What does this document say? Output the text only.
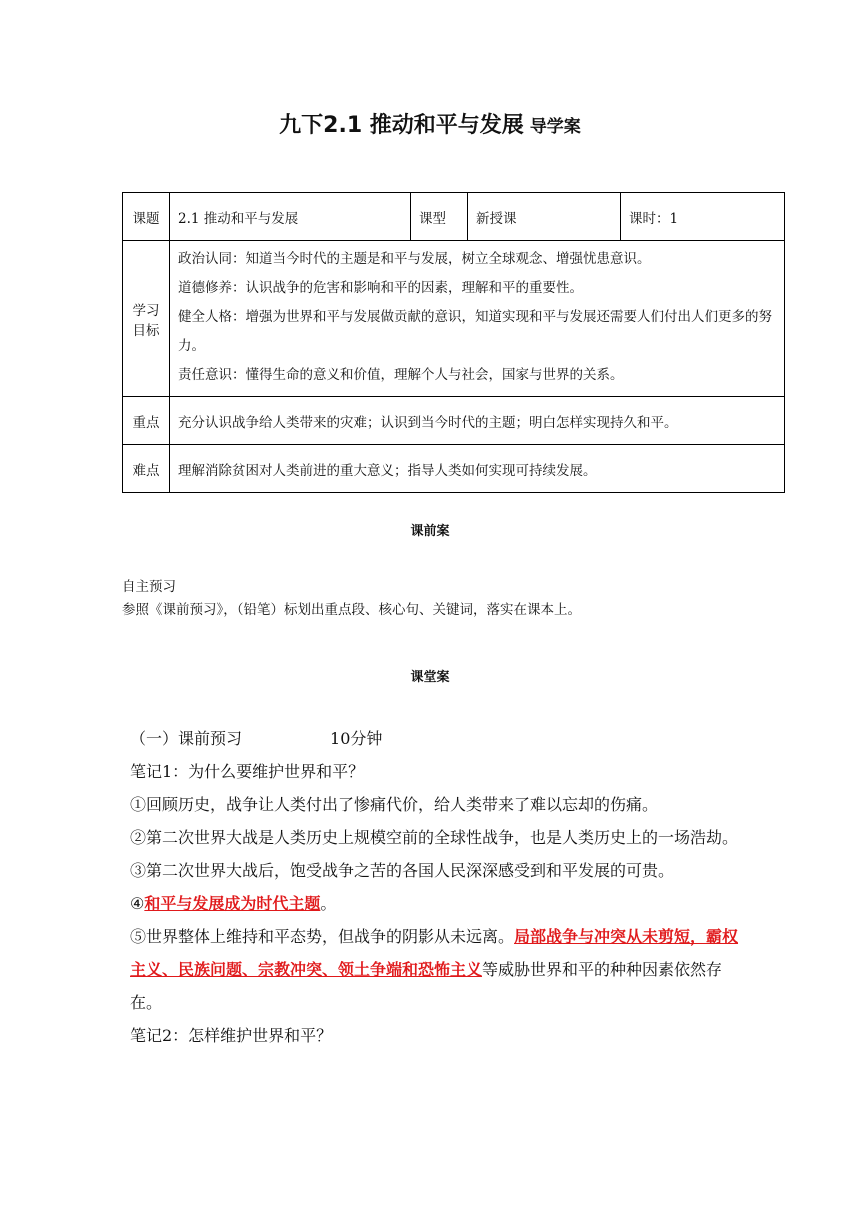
九下2.1 推动和平与发展 导学案
课题	2.1 推动和平与发展	课型	新授课	课时：1
学习目标	政治认同：知道当今时代的主题是和平与发展，树立全球观念、增强忧患意识。
道德修养：认识战争的危害和影响和平的因素，理解和平的重要性。
健全人格：增强为世界和平与发展做贡献的意识，知道实现和平与发展还需要人们付出人们更多的努力。
责任意识：懂得生命的意义和价值，理解个人与社会，国家与世界的关系。			

重点	充分认识战争给人类带来的灾难；认识到当今时代的主题；明白怎样实现持久和平。			
难点	理解消除贫困对人类前进的重大意义；指导人类如何实现可持续发展。			
课前案
自主预习
参照《课前预习》，（铅笔）标划出重点段、核心句、关键词，落实在课本上。
课堂案

（一）课前预习	10分钟

笔记1：为什么要维护世界和平？

①回顾历史，战争让人类付出了惨痛代价，给人类带来了难以忘却的伤痛。

②第二次世界大战是人类历史上规模空前的全球性战争，也是人类历史上的一场浩劫。

③第二次世界大战后，饱受战争之苦的各国人民深深感受到和平发展的可贵。

④和平与发展成为时代主题。

⑤世界整体上维持和平态势，但战争的阴影从未远离。局部战争与冲突从未剪短，霸权主义、民族问题、宗教冲突、领土争端和恐怖主义等威胁世界和平的种种因素依然存在。

笔记2：怎样维护世界和平？
